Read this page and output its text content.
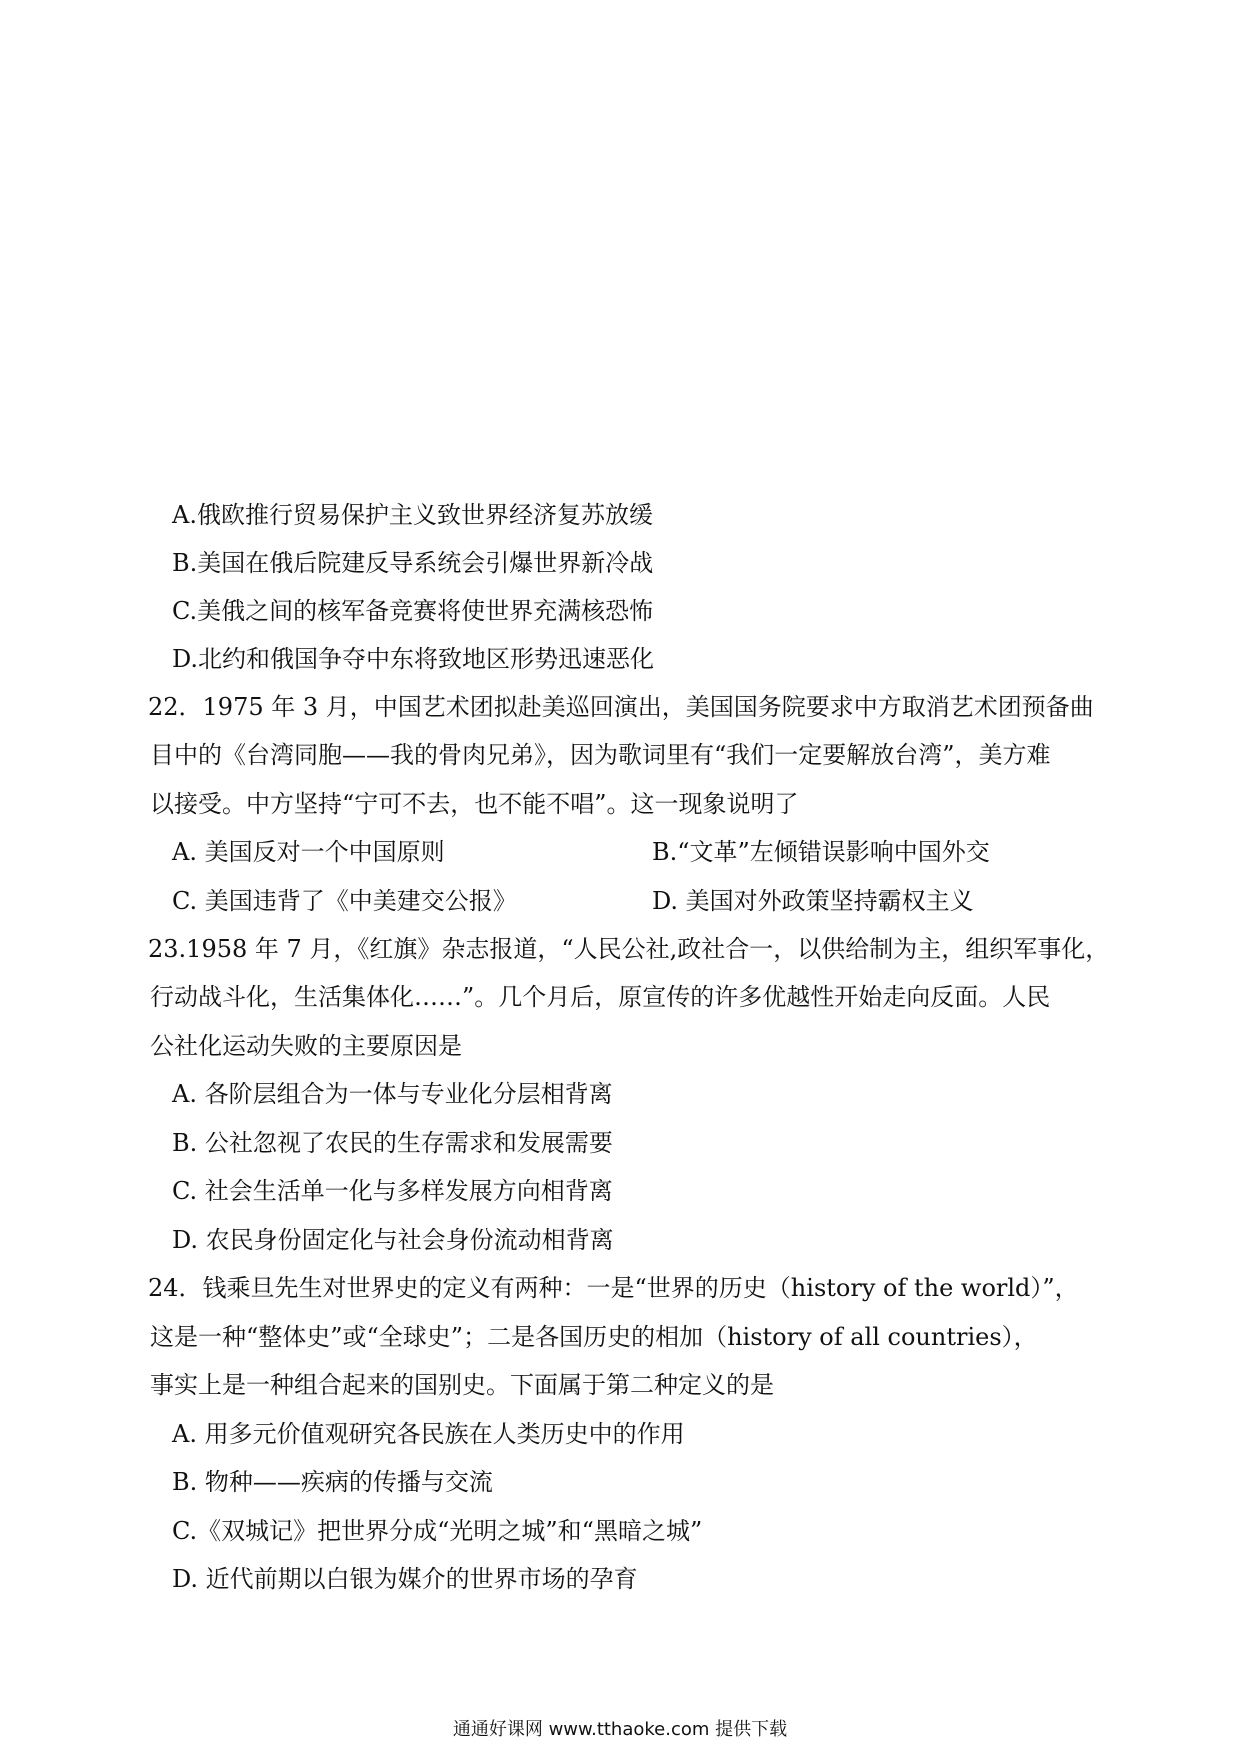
A.俄欧推行贸易保护主义致世界经济复苏放缓
B.美国在俄后院建反导系统会引爆世界新冷战
C.美俄之间的核军备竞赛将使世界充满核恐怖
D.北约和俄国争夺中东将致地区形势迅速恶化
22．1975 年 3 月，中国艺术团拟赴美巡回演出，美国国务院要求中方取消艺术团预备曲
目中的《台湾同胞——我的骨肉兄弟》，因为歌词里有“我们一定要解放台湾”，美方难
以接受。中方坚持“宁可不去，也不能不唱”。这一现象说明了
A. 美国反对一个中国原则	B.“文革”左倾错误影响中国外交
C. 美国违背了《中美建交公报》	D. 美国对外政策坚持霸权主义
23.1958 年 7 月，《红旗》杂志报道，“人民公社,政社合一，以供给制为主，组织军事化，
行动战斗化，生活集体化……”。几个月后，原宣传的许多优越性开始走向反面。人民
公社化运动失败的主要原因是
A. 各阶层组合为一体与专业化分层相背离
B. 公社忽视了农民的生存需求和发展需要
C. 社会生活单一化与多样发展方向相背离
D. 农民身份固定化与社会身份流动相背离
24．钱乘旦先生对世界史的定义有两种：一是“世界的历史（history of the world）”，
这是一种“整体史”或“全球史”；二是各国历史的相加（history of all countries），
事实上是一种组合起来的国别史。下面属于第二种定义的是
A. 用多元价值观研究各民族在人类历史中的作用
B. 物种——疾病的传播与交流
C.《双城记》把世界分成“光明之城”和“黑暗之城”
D. 近代前期以白银为媒介的世界市场的孕育
通通好课网 www.tthaoke.com 提供下载
